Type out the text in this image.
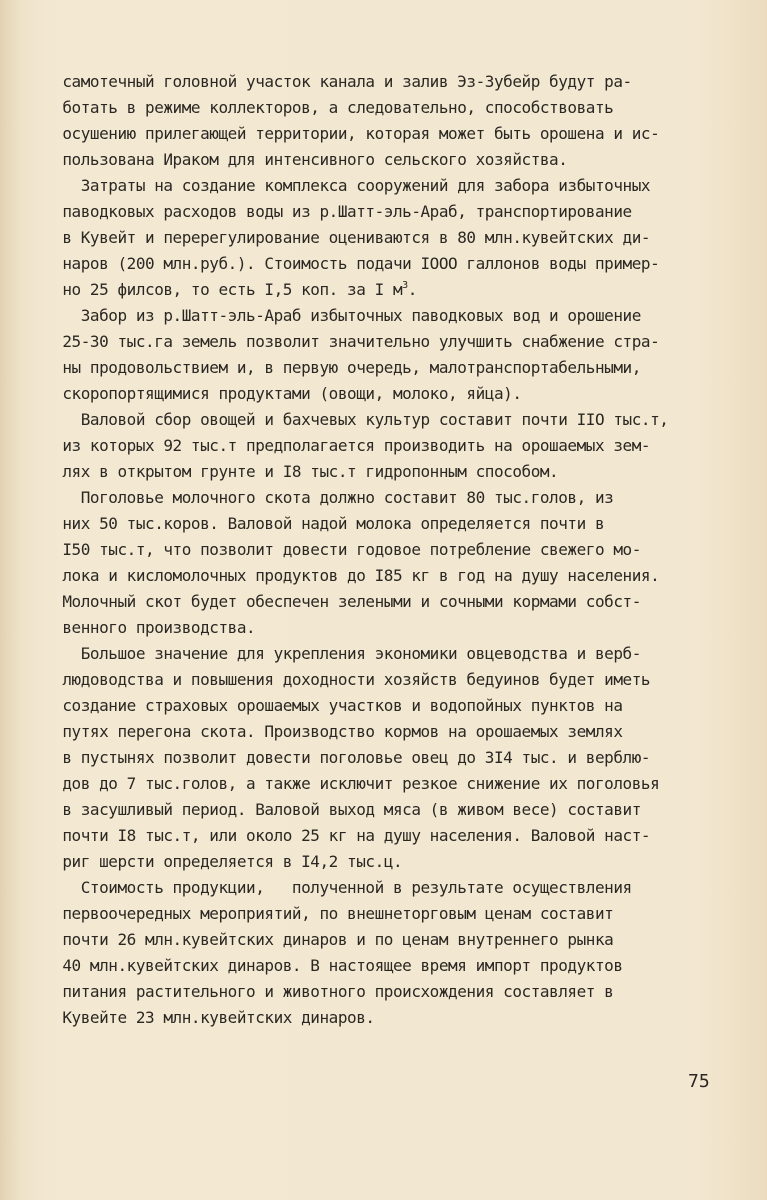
самотечный головной участок канала и залив Эз-Зубейр будут ра-
ботать в режиме коллекторов, а следовательно, способствовать
осушению прилегающей территории, которая может быть орошена и ис-
пользована Ираком для интенсивного сельского хозяйства.
Затраты на создание комплекса сооружений для забора избыточных
паводковых расходов воды из р.Шатт-эль-Араб, транспортирование
в Кувейт и перерегулирование оцениваются в 80 млн.кувейтских ди-
наров (200 млн.руб.). Стоимость подачи IOOO галлонов воды пример-
но 25 филсов, то есть I,5 коп. за I $м^3$.
Забор из р.Шатт-эль-Араб избыточных паводковых вод и орошение
25-30 тыс.га земель позволит значительно улучшить снабжение стра-
ны продовольствием и, в первую очередь, малотранспортабельными,
скоропортящимися продуктами (овощи, молоко, яйца).
Валовой сбор овощей и бахчевых культур составит почти IIO тыс.т,
из которых 92 тыс.т предполагается производить на орошаемых зем-
лях в открытом грунте и I8 тыс.т гидропонным способом.
Поголовье молочного скота должно составит 80 тыс.голов, из
них 50 тыс.коров. Валовой надой молока определяется почти в
I50 тыс.т, что позволит довести годовое потребление свежего мо-
лока и кисломолочных продуктов до I85 кг в год на душу населения.
Молочный скот будет обеспечен зелеными и сочными кормами собст-
венного производства.
Большое значение для укрепления экономики овцеводства и верб-
людоводства и повышения доходности хозяйств бедуинов будет иметь
создание страховых орошаемых участков и водопойных пунктов на
путях перегона скота. Производство кормов на орошаемых землях
в пустынях позволит довести поголовье овец до 3I4 тыс. и верблю-
дов до 7 тыс.голов, а также исключит резкое снижение их поголовья
в засушливый период. Валовой выход мяса (в живом весе) составит
почти I8 тыс.т, или около 25 кг на душу населения. Валовой наст-
риг шерсти определяется в I4,2 тыс.ц.
Стоимость продукции,   полученной в результате осуществления
первоочередных мероприятий, по внешнеторговым ценам составит
почти 26 млн.кувейтских динаров и по ценам внутреннего рынка
40 млн.кувейтских динаров. В настоящее время импорт продуктов
питания растительного и животного происхождения составляет в
Кувейте 23 млн.кувейтских динаров.
75
